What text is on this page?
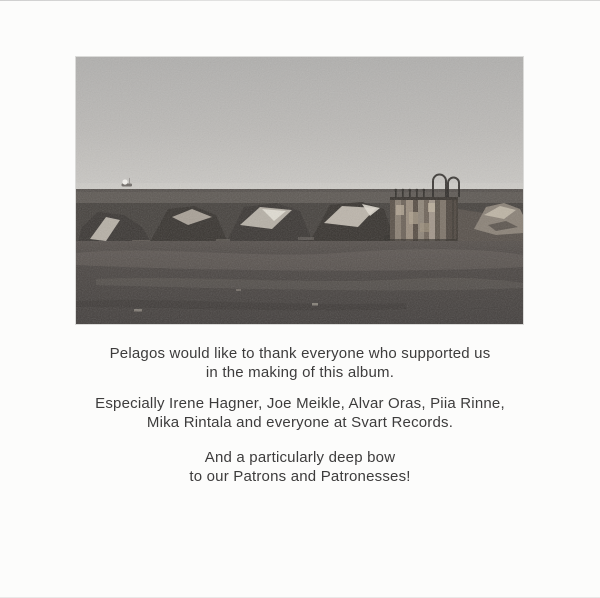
Pelagos would like to thank everyone who supported us
in the making of this album.

Especially Irene Hagner, Joe Meikle, Alvar Oras, Piia Rinne,
Mika Rintala and everyone at Svart Records.

And a particularly deep bow
to our Patrons and Patronesses!
